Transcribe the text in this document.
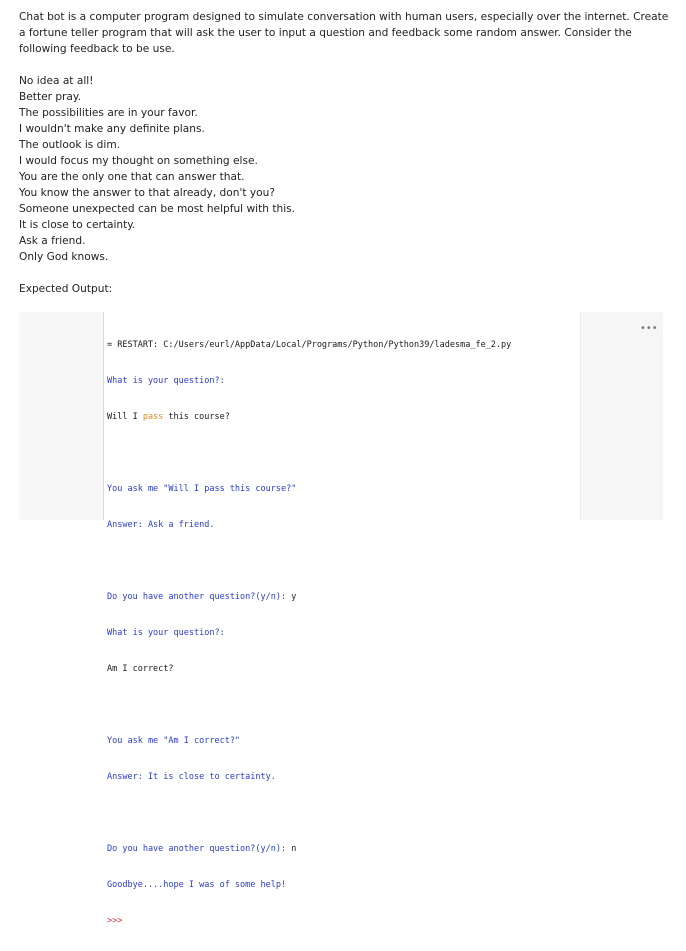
Chat bot is a computer program designed to simulate conversation with human users, especially over the internet. Create a fortune teller program that will ask the user to input a question and feedback some random answer. Consider the following feedback to be use.

No idea at all!
Better pray.
The possibilities are in your favor.
I wouldn't make any definite plans.
The outlook is dim.
I would focus my thought on something else.
You are the only one that can answer that.
You know the answer to that already, don't you?
Someone unexpected can be most helpful with this.
It is close to certainty.
Ask a friend.
Only God knows.

Expected Output:

= RESTART: C:/Users/eurl/AppData/Local/Programs/Python/Python39/ladesma_fe_2.py

What is your question?:

Will I pass this course?

You ask me "Will I pass this course?"

Answer: Ask a friend.

Do you have another question?(y/n): y

What is your question?:

Am I correct?

You ask me "Am I correct?"

Answer: It is close to certainty.

Do you have another question?(y/n): n

Goodbye....hope I was of some help!

>>>

•••
